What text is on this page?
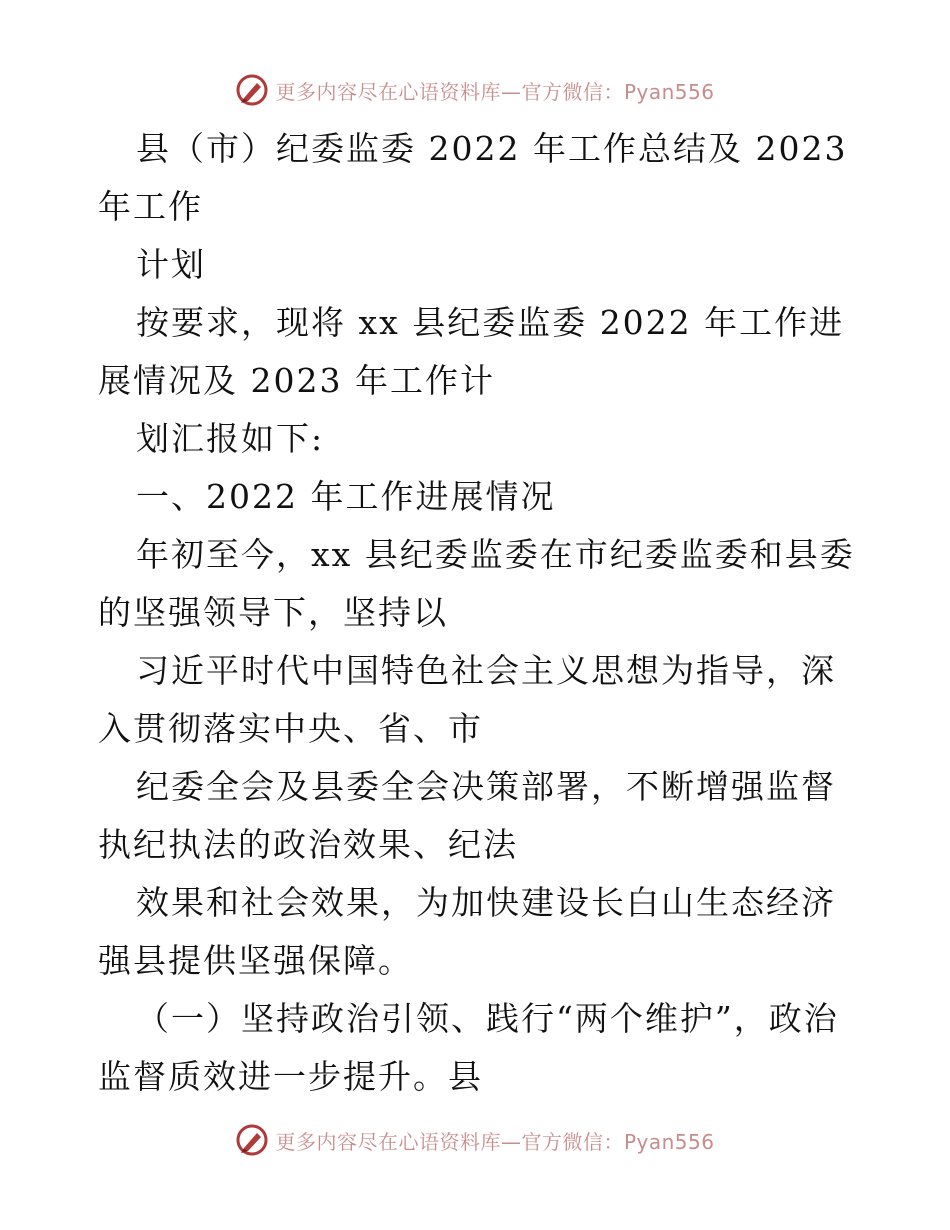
更多内容尽在心语资料库—官方微信：Pyan556

县（市）纪委监委 2022 年工作总结及 2023 年工作

计划

按要求，现将 xx 县纪委监委 2022 年工作进展情况及 2023 年工作计

划汇报如下:

一、2022 年工作进展情况

年初至今，xx 县纪委监委在市纪委监委和县委的坚强领导下，坚持以

习近平时代中国特色社会主义思想为指导，深入贯彻落实中央、省、市

纪委全会及县委全会决策部署，不断增强监督执纪执法的政治效果、纪法

效果和社会效果，为加快建设长白山生态经济强县提供坚强保障。

（一）坚持政治引领、践行“两个维护”，政治监督质效进一步提升。县

更多内容尽在心语资料库—官方微信：Pyan556
